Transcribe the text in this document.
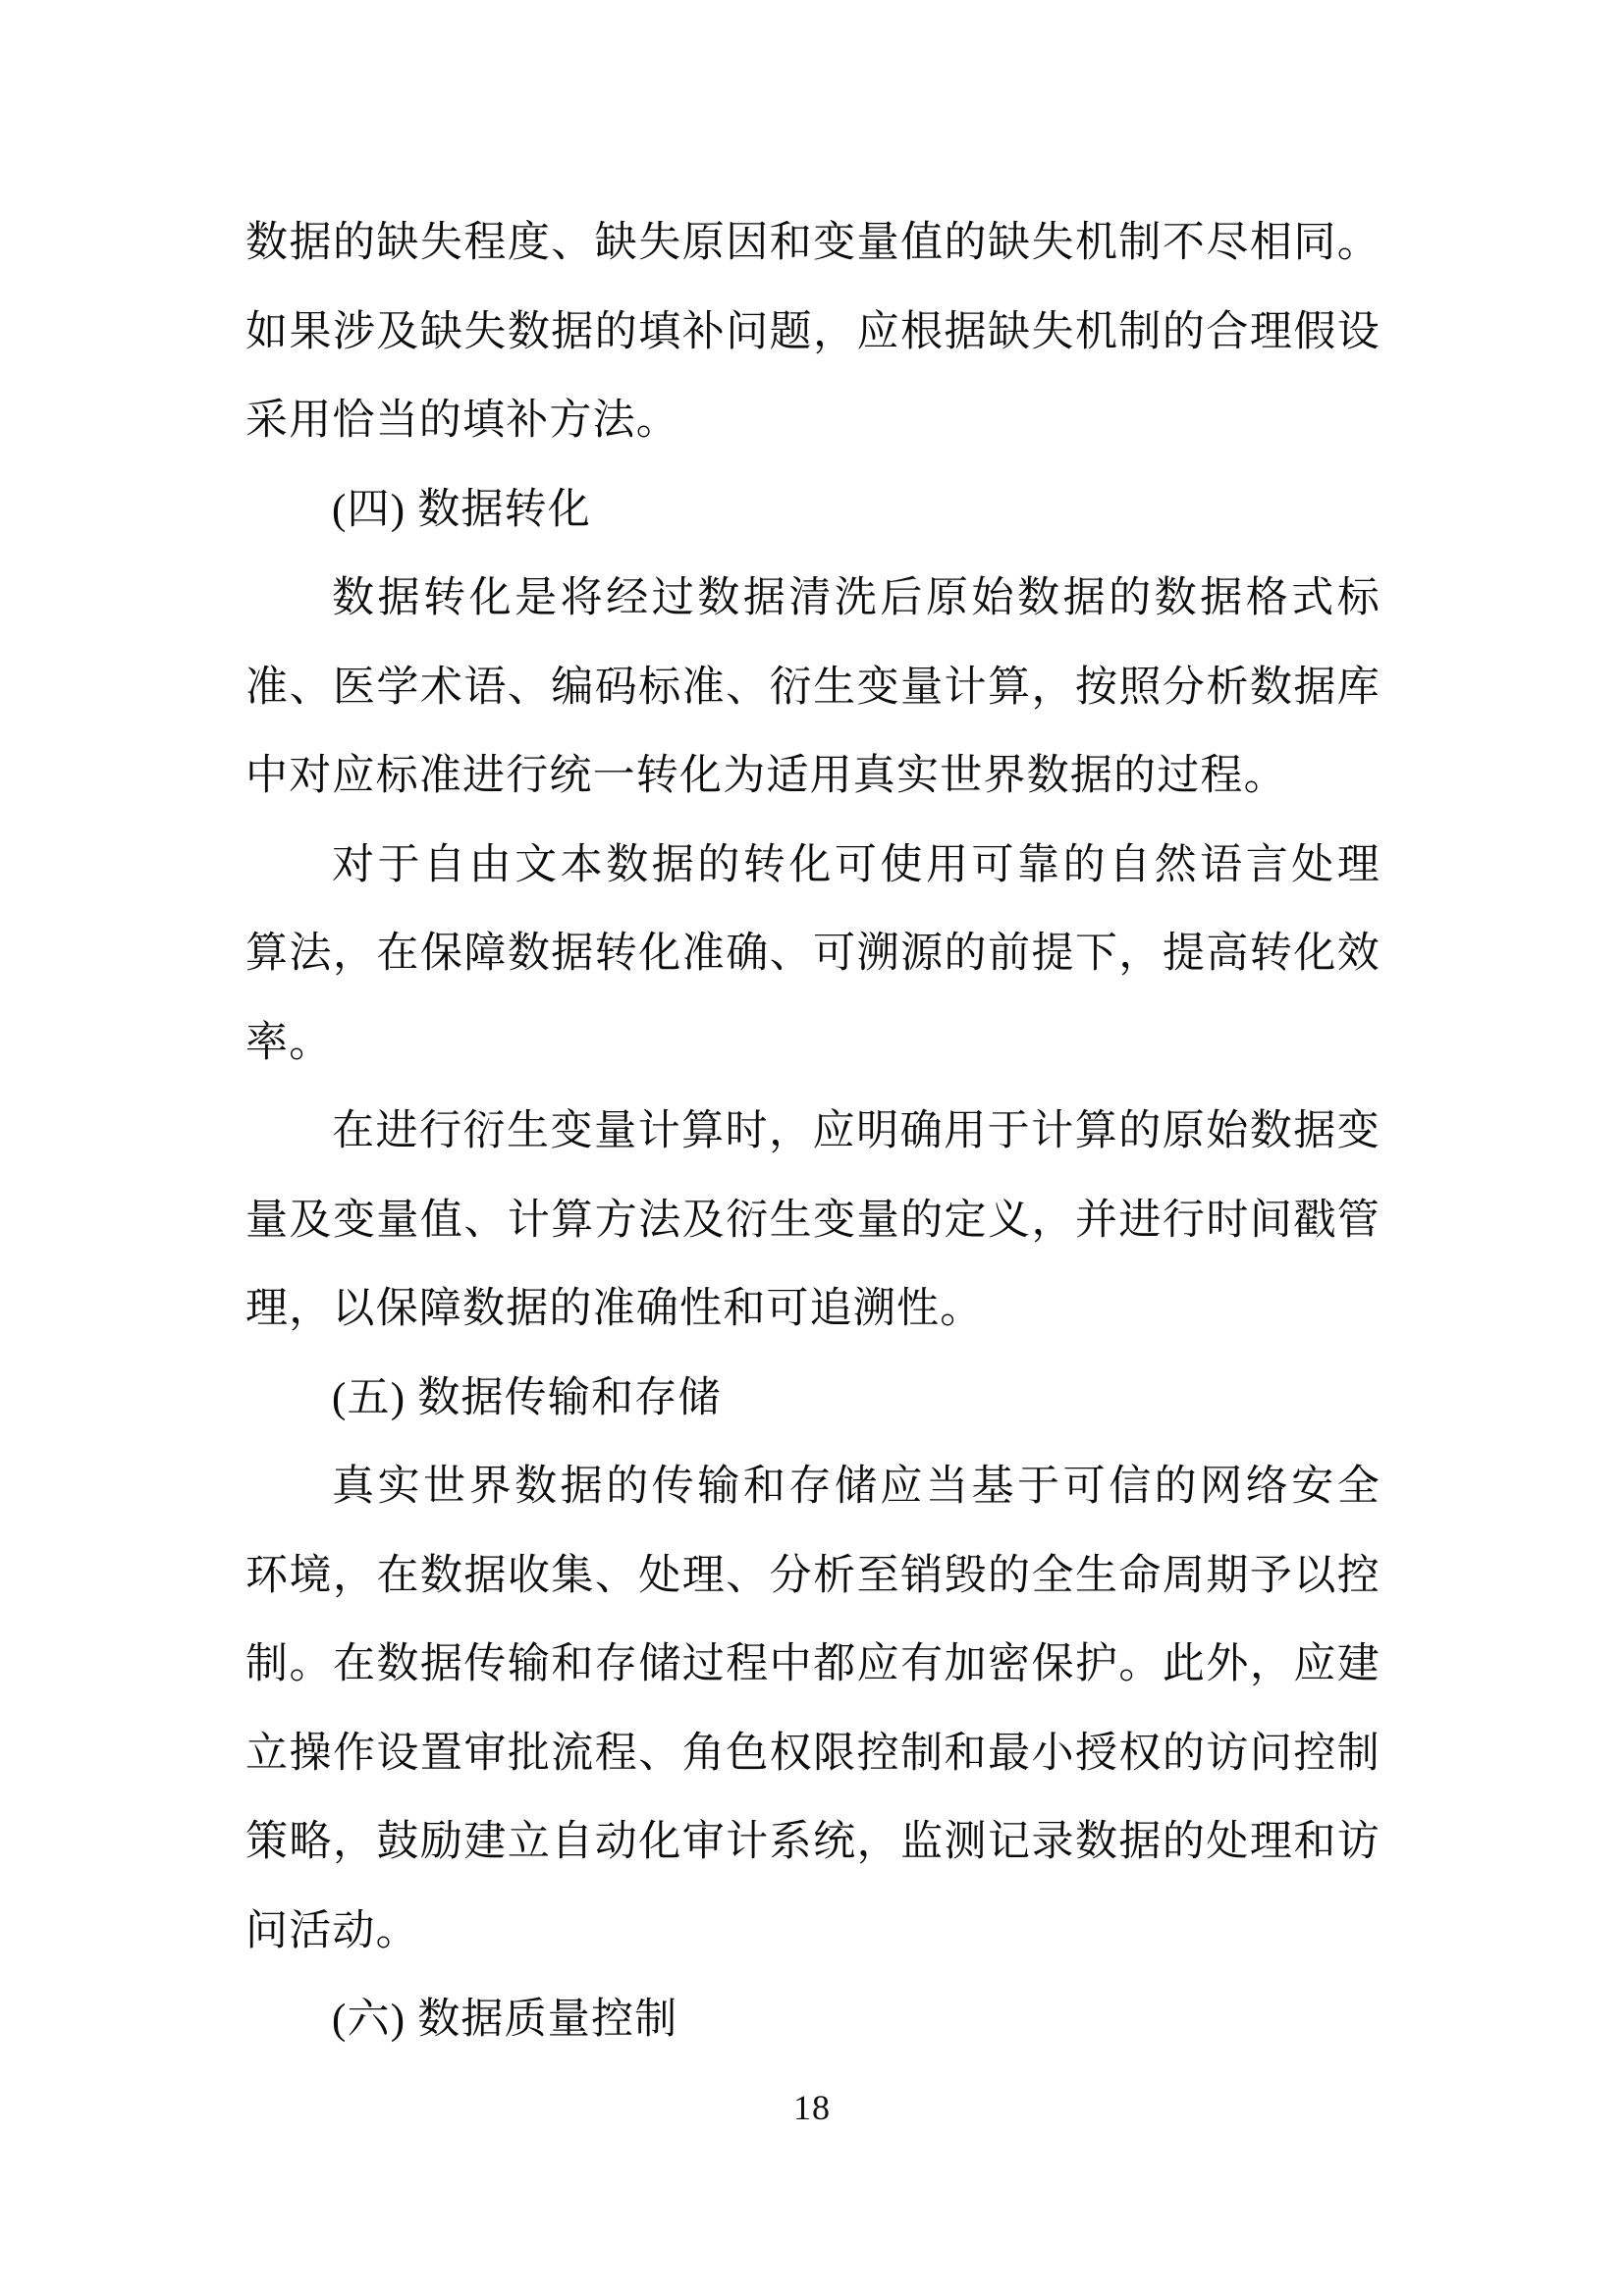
数据的缺失程度、缺失原因和变量值的缺失机制不尽相同。
如果涉及缺失数据的填补问题，应根据缺失机制的合理假设
采用恰当的填补方法。
(四) 数据转化
数据转化是将经过数据清洗后原始数据的数据格式标
准、医学术语、编码标准、衍生变量计算，按照分析数据库
中对应标准进行统一转化为适用真实世界数据的过程。
对于自由文本数据的转化可使用可靠的自然语言处理
算法，在保障数据转化准确、可溯源的前提下，提高转化效
率。
在进行衍生变量计算时，应明确用于计算的原始数据变
量及变量值、计算方法及衍生变量的定义，并进行时间戳管
理，以保障数据的准确性和可追溯性。
(五) 数据传输和存储
真实世界数据的传输和存储应当基于可信的网络安全
环境，在数据收集、处理、分析至销毁的全生命周期予以控
制。在数据传输和存储过程中都应有加密保护。此外，应建
立操作设置审批流程、角色权限控制和最小授权的访问控制
策略，鼓励建立自动化审计系统，监测记录数据的处理和访
问活动。
(六) 数据质量控制
18
